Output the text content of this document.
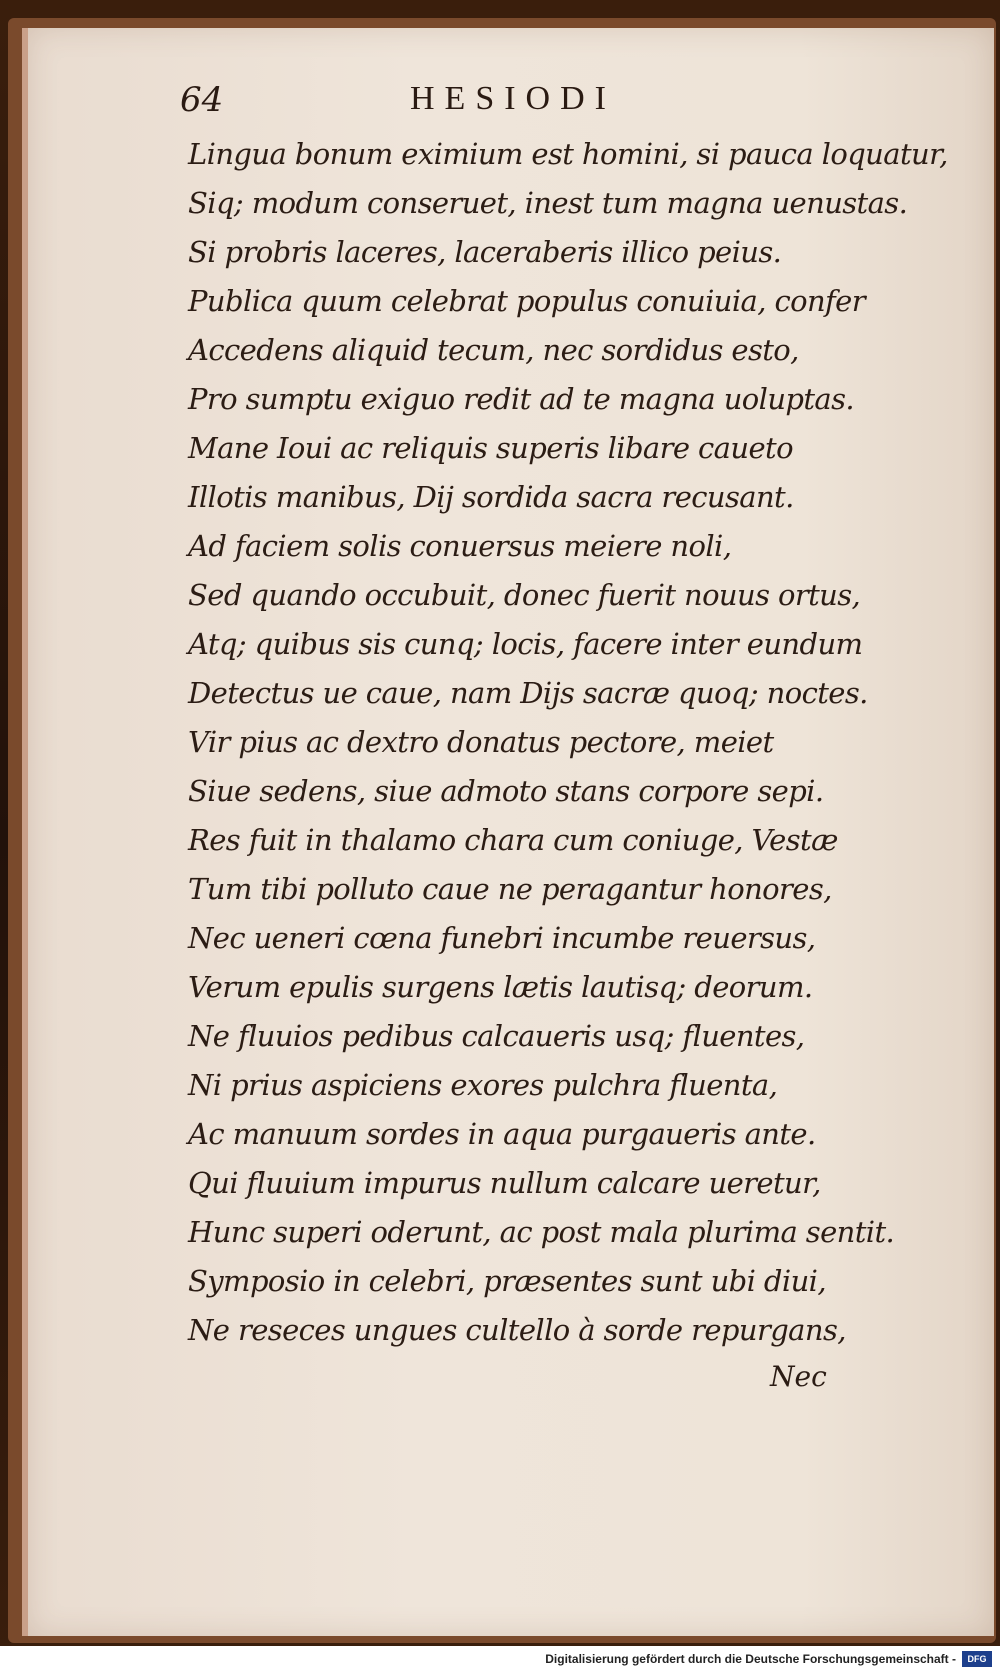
64	HESIODI
Lingua bonum eximium est homini, si pauca loquatur,
Siq; modum conseruet, inest tum magna uenustas.
Si probris laceres, laceraberis illico peius.
Publica quum celebrat populus conuiuia, confer
Accedens aliquid tecum, nec sordidus esto,
Pro sumptu exiguo redit ad te magna uoluptas.
Mane Ioui ac reliquis superis libare caueto
Illotis manibus, Dij sordida sacra recusant.
Ad faciem solis conuersus meiere noli,
Sed quando occubuit, donec fuerit nouus ortus,
Atq; quibus sis cunq; locis, facere inter eundum
Detectus ue caue, nam Dijs sacræ quoq; noctes.
Vir pius ac dextro donatus pectore, meiet
Siue sedens, siue admoto stans corpore sepi.
Res fuit in thalamo chara cum coniuge, Vestæ
Tum tibi polluto caue ne peragantur honores,
Nec ueneri cœna funebri incumbe reuersus,
Verum epulis surgens lætis lautisq; deorum.
Ne fluuios pedibus calcaueris usq; fluentes,
Ni prius aspiciens exores pulchra fluenta,
Ac manuum sordes in aqua purgaueris ante.
Qui fluuium impurus nullum calcare ueretur,
Hunc superi oderunt, ac post mala plurima sentit.
Symposio in celebri, præsentes sunt ubi diui,
Ne reseces ungues cultello à sorde repurgans,
Nec
Digitalisierung gefördert durch die Deutsche Forschungsgemeinschaft -	DFG
